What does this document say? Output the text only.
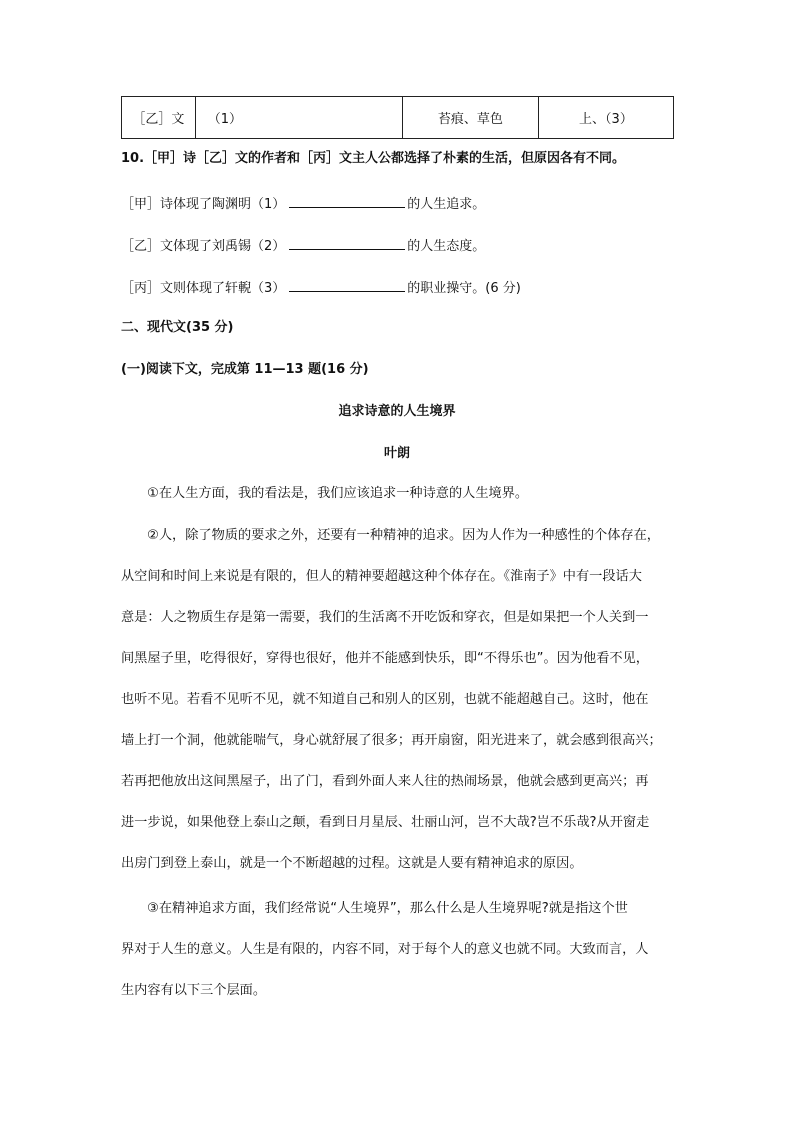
［乙］文	（1）	苔痕、草色	上、（3）
10.［甲］诗［乙］文的作者和［丙］文主人公都选择了朴素的生活，但原因各有不同。
［甲］诗体现了陶渊明（1）	的人生追求。
［乙］文体现了刘禹锡（2）	的人生态度。
［丙］文则体现了轩輗（3）	的职业操守。(6 分)
二、现代文(35 分)
(一)阅读下文，完成第 11—13 题(16 分)
追求诗意的人生境界
叶朗
①在人生方面，我的看法是，我们应该追求一种诗意的人生境界。
②人，除了物质的要求之外，还要有一种精神的追求。因为人作为一种感性的个体存在，
从空间和时间上来说是有限的，但人的精神要超越这种个体存在。《淮南子》中有一段话大
意是：人之物质生存是第一需要，我们的生活离不开吃饭和穿衣，但是如果把一个人关到一
间黑屋子里，吃得很好，穿得也很好，他并不能感到快乐，即“不得乐也”。因为他看不见，
也听不见。若看不见听不见，就不知道自己和别人的区别，也就不能超越自己。这时，他在
墙上打一个洞，他就能喘气，身心就舒展了很多；再开扇窗，阳光进来了，就会感到很高兴；
若再把他放出这间黑屋子，出了门，看到外面人来人往的热闹场景，他就会感到更高兴；再
进一步说，如果他登上泰山之颠，看到日月星辰、壮丽山河，岂不大哉?岂不乐哉?从开窗走
出房门到登上泰山，就是一个不断超越的过程。这就是人要有精神追求的原因。
③在精神追求方面，我们经常说“人生境界”，那么什么是人生境界呢?就是指这个世
界对于人生的意义。人生是有限的，内容不同，对于每个人的意义也就不同。大致而言，人
生内容有以下三个层面。
